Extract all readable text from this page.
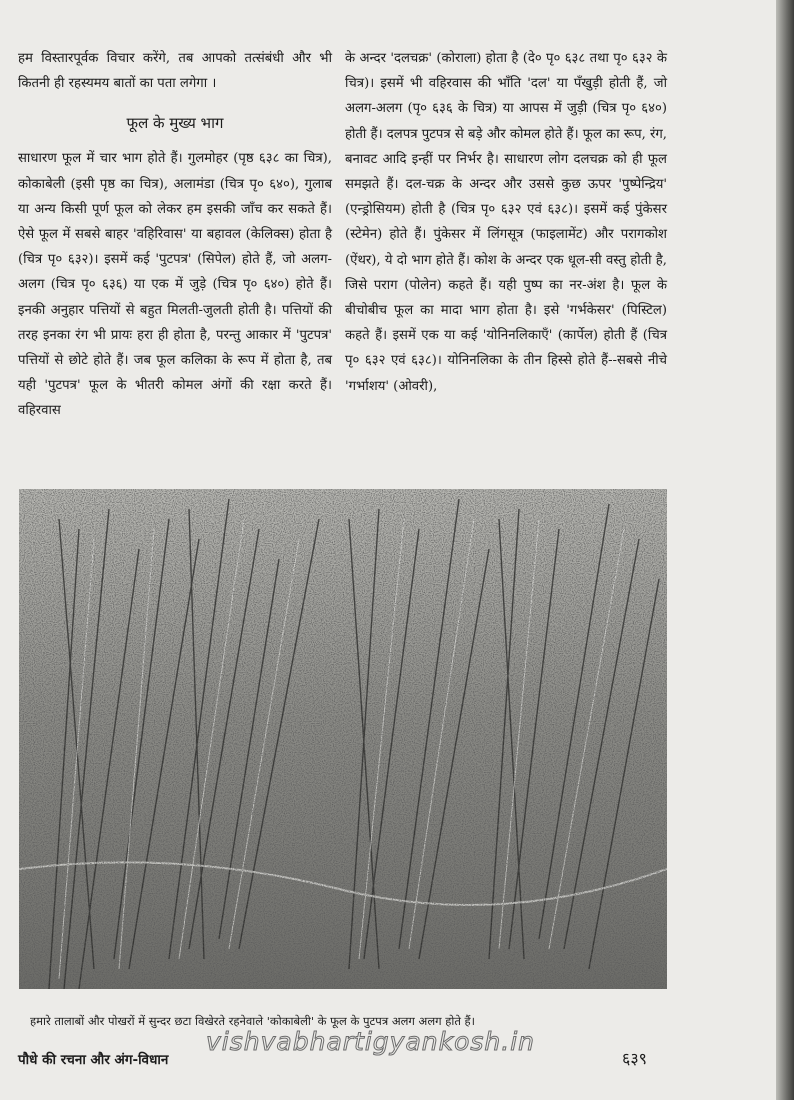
हम विस्तारपूर्वक विचार करेंगे, तब आपको तत्संबंधी और भी कितनी ही रहस्यमय बातों का पता लगेगा ।

फूल के मुख्य भाग

साधारण फूल में चार भाग होते हैं। गुलमोहर (पृष्ठ ६३८ का चित्र), कोकाबेली (इसी पृष्ठ का चित्र), अलामंडा (चित्र पृ० ६४०), गुलाब या अन्य किसी पूर्ण फूल को लेकर हम इसकी जाँच कर सकते हैं। ऐसे फूल में सबसे बाहर 'वहिरिवास' या बहावल (केलिक्स) होता है (चित्र पृ० ६३२)। इसमें कई 'पुटपत्र' (सिपेल) होते हैं, जो अलग-अलग (चित्र पृ० ६३६) या एक में जुड़े (चित्र पृ० ६४०) होते हैं। इनकी अनुहार पत्तियों से बहुत मिलती-जुलती होती है। पत्तियों की तरह इनका रंग भी प्रायः हरा ही होता है, परन्तु आकार में 'पुटपत्र' पत्तियों से छोटे होते हैं। जब फूल कलिका के रूप में होता है, तब यही 'पुटपत्र' फूल के भीतरी कोमल अंगों की रक्षा करते हैं। वहिरवास

के अन्दर 'दलचक्र' (कोराला) होता है (दे० पृ० ६३८ तथा पृ० ६३२ के चित्र)। इसमें भी वहिरवास की भाँति 'दल' या पँखुड़ी होती हैं, जो अलग-अलग (पृ० ६३६ के चित्र) या आपस में जुड़ी (चित्र पृ० ६४०) होती हैं। दलपत्र पुटपत्र से बड़े और कोमल होते हैं। फूल का रूप, रंग, बनावट आदि इन्हीं पर निर्भर है। साधारण लोग दलचक्र को ही फूल समझते हैं। दल-चक्र के अन्दर और उससे कुछ ऊपर 'पुष्पेन्द्रिय' (एन्ड्रोसियम) होती है (चित्र पृ० ६३२ एवं ६३८)। इसमें कई पुंकेसर (स्टेमेन) होते हैं। पुंकेसर में लिंगसूत्र (फाइलामेंट) और परागकोश (ऐंथर), ये दो भाग होते हैं। कोश के अन्दर एक धूल-सी वस्तु होती है, जिसे पराग (पोलेन) कहते हैं। यही पुष्प का नर-अंश है। फूल के बीचोबीच फूल का मादा भाग होता है। इसे 'गर्भकेसर' (पिस्टिल) कहते हैं। इसमें एक या कई 'योनिनलिकाएँ' (कार्पेल) होती हैं (चित्र पृ० ६३२ एवं ६३८)। योनिनलिका के तीन हिस्से होते हैं--सबसे नीचे 'गर्भाशय' (ओवरी),

हमारे तालाबों और पोखरों में सुन्दर छटा विखेरते रहनेवाले 'कोकाबेली' के फूल के पुटपत्र अलग अलग होते हैं।
vishvabhartigyankosh.in
पौधे की रचना और अंग-विधान	६३९
